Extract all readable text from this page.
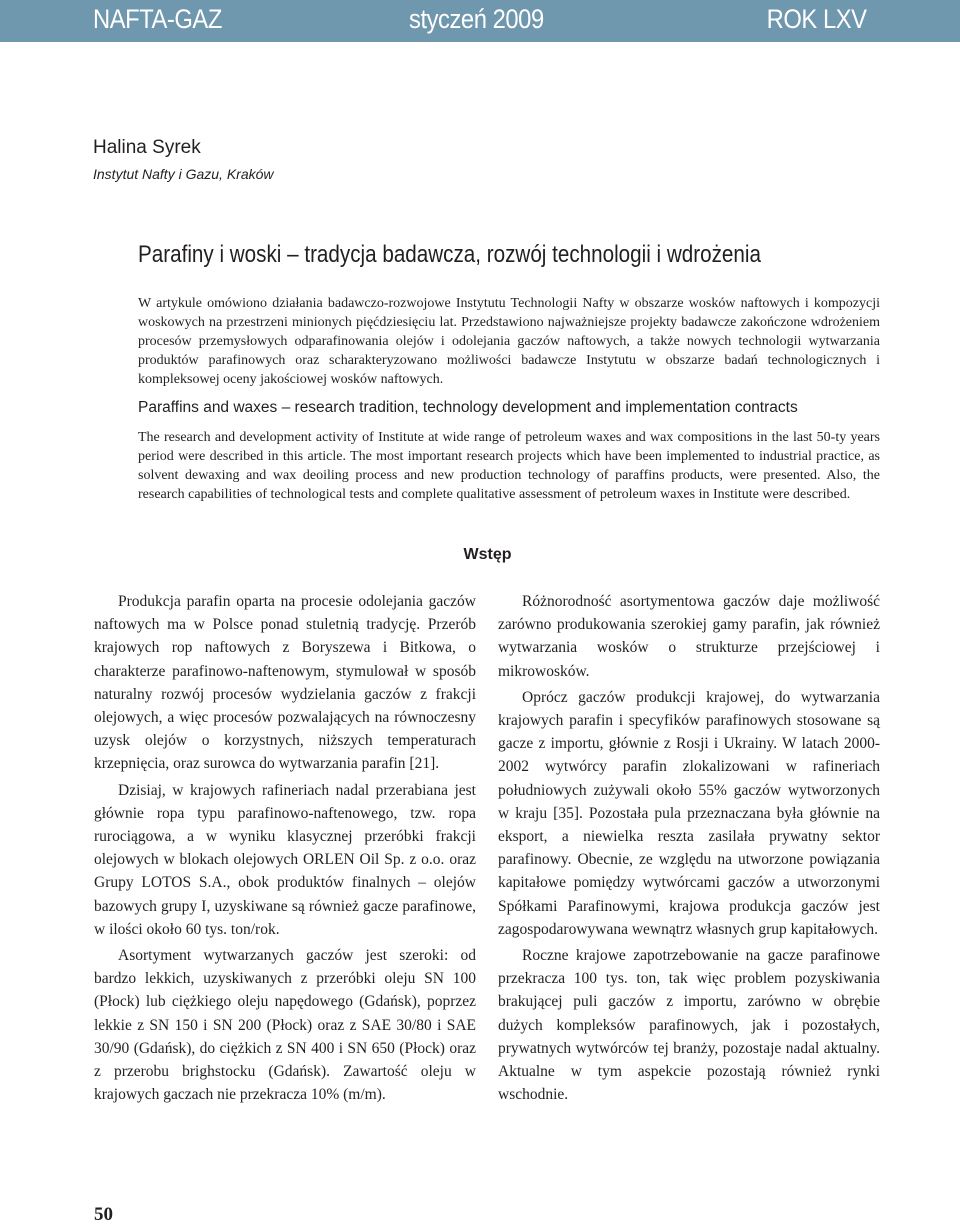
NAFTA-GAZ	styczeń 2009	ROK LXV
Halina Syrek
Instytut Nafty i Gazu, Kraków
Parafiny i woski – tradycja badawcza, rozwój technologii i wdrożenia
W artykule omówiono działania badawczo-rozwojowe Instytutu Technologii Nafty w obszarze wosków naftowych i kompozycji woskowych na przestrzeni minionych pięćdziesięciu lat. Przedstawiono najważniejsze projekty badawcze zakończone wdrożeniem procesów przemysłowych odparafinowania olejów i odolejania gaczów naftowych, a także nowych technologii wytwarzania produktów parafinowych oraz scharakteryzowano możliwości badawcze Instytutu w obszarze badań technologicznych i kompleksowej oceny jakościowej wosków naftowych.
Paraffins and waxes – research tradition, technology development and implementation contracts
The research and development activity of Institute at wide range of petroleum waxes and wax compositions in the last 50-ty years period were described in this article. The most important research projects which have been implemented to industrial practice, as solvent dewaxing and wax deoiling process and new production technology of paraffins products, were presented. Also, the research capabilities of technological tests and complete qualitative assessment of petroleum waxes in Institute were described.
Wstęp

Produkcja parafin oparta na procesie odolejania gaczów naftowych ma w Polsce ponad stuletnią tradycję. Przerób krajowych rop naftowych z Boryszewa i Bitkowa, o charakterze parafinowo-naftenowym, stymulował w sposób naturalny rozwój procesów wydzielania gaczów z frakcji olejowych, a więc procesów pozwalających na równoczesny uzysk olejów o korzystnych, niższych temperaturach krzepnięcia, oraz surowca do wytwarzania parafin [21].

Dzisiaj, w krajowych rafineriach nadal przerabiana jest głównie ropa typu parafinowo-naftenowego, tzw. ropa rurociągowa, a w wyniku klasycznej przeróbki frakcji olejowych w blokach olejowych ORLEN Oil Sp. z o.o. oraz Grupy LOTOS S.A., obok produktów finalnych – olejów bazowych grupy I, uzyskiwane są również gacze parafinowe, w ilości około 60 tys. ton/rok.

Asortyment wytwarzanych gaczów jest szeroki: od bardzo lekkich, uzyskiwanych z przeróbki oleju SN 100 (Płock) lub ciężkiego oleju napędowego (Gdańsk), poprzez lekkie z SN 150 i SN 200 (Płock) oraz z SAE 30/80 i SAE 30/90 (Gdańsk), do ciężkich z SN 400 i SN 650 (Płock) oraz z przerobu brighstocku (Gdańsk). Zawartość oleju w krajowych gaczach nie przekracza 10% (m/m).

Różnorodność asortymentowa gaczów daje możliwość zarówno produkowania szerokiej gamy parafin, jak również wytwarzania wosków o strukturze przejściowej i mikrowosków.

Oprócz gaczów produkcji krajowej, do wytwarzania krajowych parafin i specyfików parafinowych stosowane są gacze z importu, głównie z Rosji i Ukrainy. W latach 2000-2002 wytwórcy parafin zlokalizowani w rafineriach południowych zużywali około 55% gaczów wytworzonych w kraju [35]. Pozostała pula przeznaczana była głównie na eksport, a niewielka reszta zasilała prywatny sektor parafinowy. Obecnie, ze względu na utworzone powiązania kapitałowe pomiędzy wytwórcami gaczów a utworzonymi Spółkami Parafinowymi, krajowa produkcja gaczów jest zagospodarowywana wewnątrz własnych grup kapitałowych.

Roczne krajowe zapotrzebowanie na gacze parafinowe przekracza 100 tys. ton, tak więc problem pozyskiwania brakującej puli gaczów z importu, zarówno w obrębie dużych kompleksów parafinowych, jak i pozostałych, prywatnych wytwórców tej branży, pozostaje nadal aktualny. Aktualne w tym aspekcie pozostają również rynki wschodnie.

50
